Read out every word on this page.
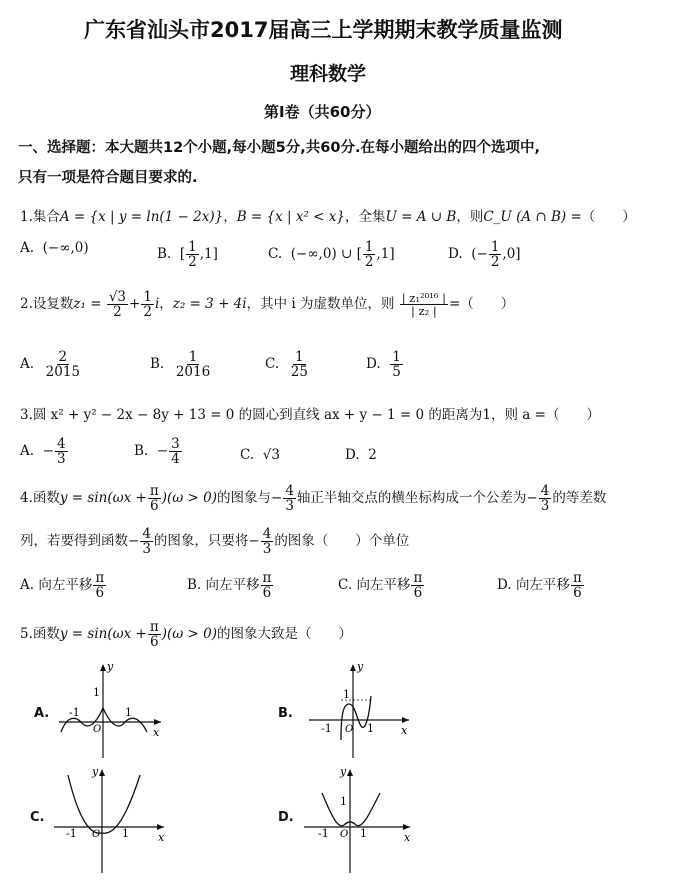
广东省汕头市2017届高三上学期期末教学质量监测
理科数学
第Ⅰ卷（共60分）
一、选择题：本大题共12个小题,每小题5分,共60分.在每小题给出的四个选项中,
只有一项是符合题目要求的.
1.集合A = {x | y = ln(1 − 2x)}，B = {x | x² < x}，全集U = A ∪ B，则C_U (A ∩ B) =（　　）
A. (−∞,0)	B. [ $\frac{1}{2} ,1$]	C. (−∞,0) ∪ [ $\frac{1}{2} ,1$]	D. (− $\frac{1}{2} ,0$]
2.设复数$z_1 = \frac{√3}{2} + \frac{1}{2}$ i，z₂ = 3 + 4i，其中 i 为虚数单位，则 $\frac{\text{| z₁²⁰¹⁶ |}}{\text{| z₂ |}}$ =（　　）
A. $\frac{2}{2015}$	B. $\frac{1}{2016}$	C. $\frac{1}{25}$	D. $\frac{1}{5}$
3.圆 x² + y² − 2x − 8y + 13 = 0 的圆心到直线 ax + y − 1 = 0 的距离为1，则 a =（　　）
A. − $\frac{4}{3}$	B. − $\frac{3}{4}$	C. √3	D. 2
4.函数$y = \sin(\omega x + \frac{\pi}{6} )(\omega > 0)$的图象与− $\frac{4}{3}$ 轴正半轴交点的横坐标构成一个公差为− $\frac{4}{3}$ 的等差数
列，若要得到函数− $\frac{4}{3}$ 的图象，只要将− $\frac{4}{3}$ 的图象（　　）个单位
A. 向左平移 $\frac{\pi}{6}$	B. 向左平移 $\frac{\pi}{6}$	C. 向左平移 $\frac{\pi}{6}$	D. 向左平移 $\frac{\pi}{6}$
5.函数$y = \sin(\omega x + \frac{\pi}{6} )(\omega > 0)$的图象大致是（　　）
A.	B.
C.	D.
y
x
1
-1	1
O
y
x
1
-1	1
O
y
x
-1	1
O
y
x
1
-1	1
O
